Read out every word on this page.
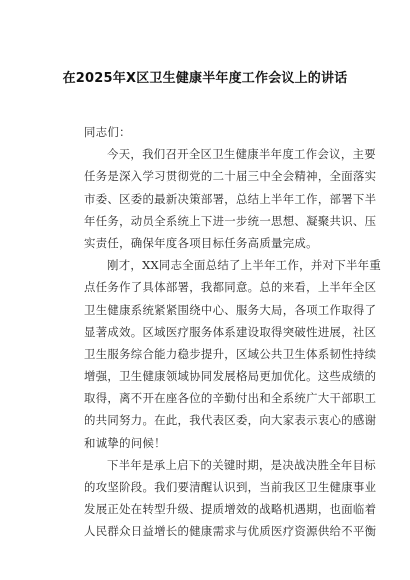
在2025年X区卫生健康半年度工作会议上的讲话
同志们：
今天，我们召开全区卫生健康半年度工作会议，主要
任务是深入学习贯彻党的二十届三中全会精神，全面落实
市委、区委的最新决策部署，总结上半年工作，部署下半
年任务，动员全系统上下进一步统一思想、凝聚共识、压
实责任，确保年度各项目标任务高质量完成。
刚才，XX同志全面总结了上半年工作，并对下半年重
点任务作了具体部署，我都同意。总的来看，上半年全区
卫生健康系统紧紧围绕中心、服务大局，各项工作取得了
显著成效。区域医疗服务体系建设取得突破性进展，社区
卫生服务综合能力稳步提升，区域公共卫生体系韧性持续
增强，卫生健康领域协同发展格局更加优化。这些成绩的
取得，离不开在座各位的辛勤付出和全系统广大干部职工
的共同努力。在此，我代表区委，向大家表示衷心的感谢
和诚挚的问候！
下半年是承上启下的关键时期，是决战决胜全年目标
的攻坚阶段。我们要清醒认识到，当前我区卫生健康事业
发展正处在转型升级、提质增效的战略机遇期，也面临着
人民群众日益增长的健康需求与优质医疗资源供给不平衡
